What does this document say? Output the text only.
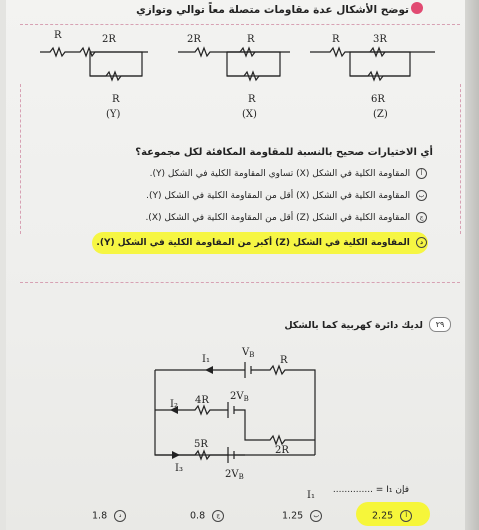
توضح الأشكال عدة مقاومات متصلة معاً توالي وتوازي
R	2R
R
(Y)
2R	R
R
(X)
R	3R
6R
(Z)
أي الاختيارات صحيح بالنسبة للمقاومة المكافئة لكل مجموعة؟
أ المقاومة الكلية في الشكل (X) تساوي المقاومة الكلية في الشكل (Y).
ب المقاومة الكلية في الشكل (X) أقل من المقاومة الكلية في الشكل (Y).
ج المقاومة الكلية في الشكل (Z) أقل من المقاومة الكلية في الشكل (X).
د المقاومة الكلية في الشكل (Z) أكبر من المقاومة الكلية في الشكل (Y).
٢٩
لديك دائرة كهربية كما بالشكل
I₁
$V_B$	R
I₂ 4R $2V_B$
5R
2R
I₃
$2V_B$
فإن I₁ = ..............
I₁
2.25 أ
1.25 ب
0.8 ج
1.8 د
